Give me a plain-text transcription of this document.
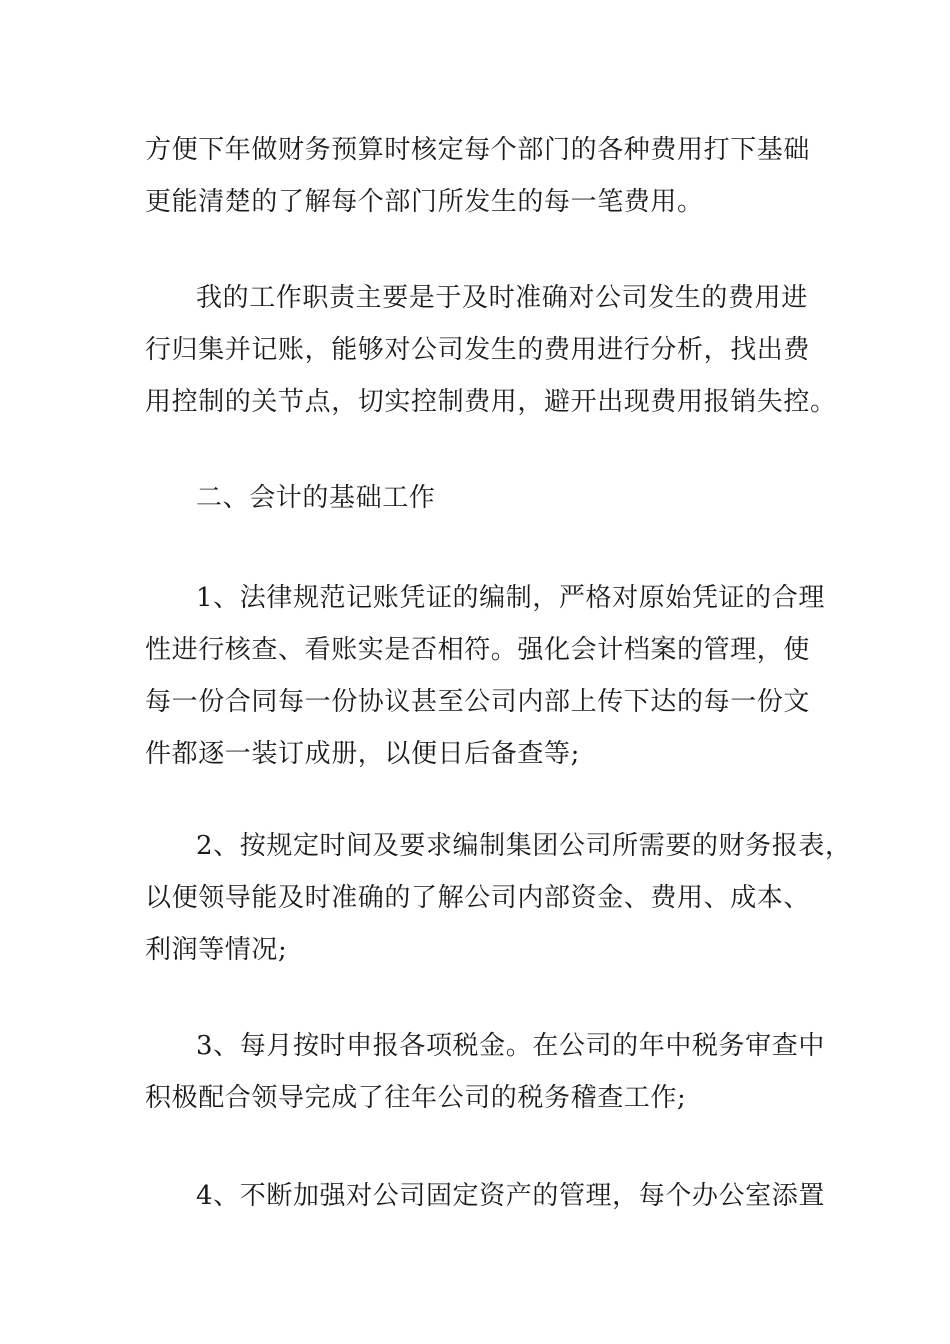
方便下年做财务预算时核定每个部门的各种费用打下基础
更能清楚的了解每个部门所发生的每一笔费用。
我的工作职责主要是于及时准确对公司发生的费用进
行归集并记账，能够对公司发生的费用进行分析，找出费
用控制的关节点，切实控制费用，避开出现费用报销失控。
二、会计的基础工作
1、法律规范记账凭证的编制，严格对原始凭证的合理
性进行核查、看账实是否相符。强化会计档案的管理，使
每一份合同每一份协议甚至公司内部上传下达的每一份文
件都逐一装订成册，以便日后备查等;
2、按规定时间及要求编制集团公司所需要的财务报表，
以便领导能及时准确的了解公司内部资金、费用、成本、
利润等情况;
3、每月按时申报各项税金。在公司的年中税务审查中
积极配合领导完成了往年公司的税务稽查工作;
4、不断加强对公司固定资产的管理，每个办公室添置
